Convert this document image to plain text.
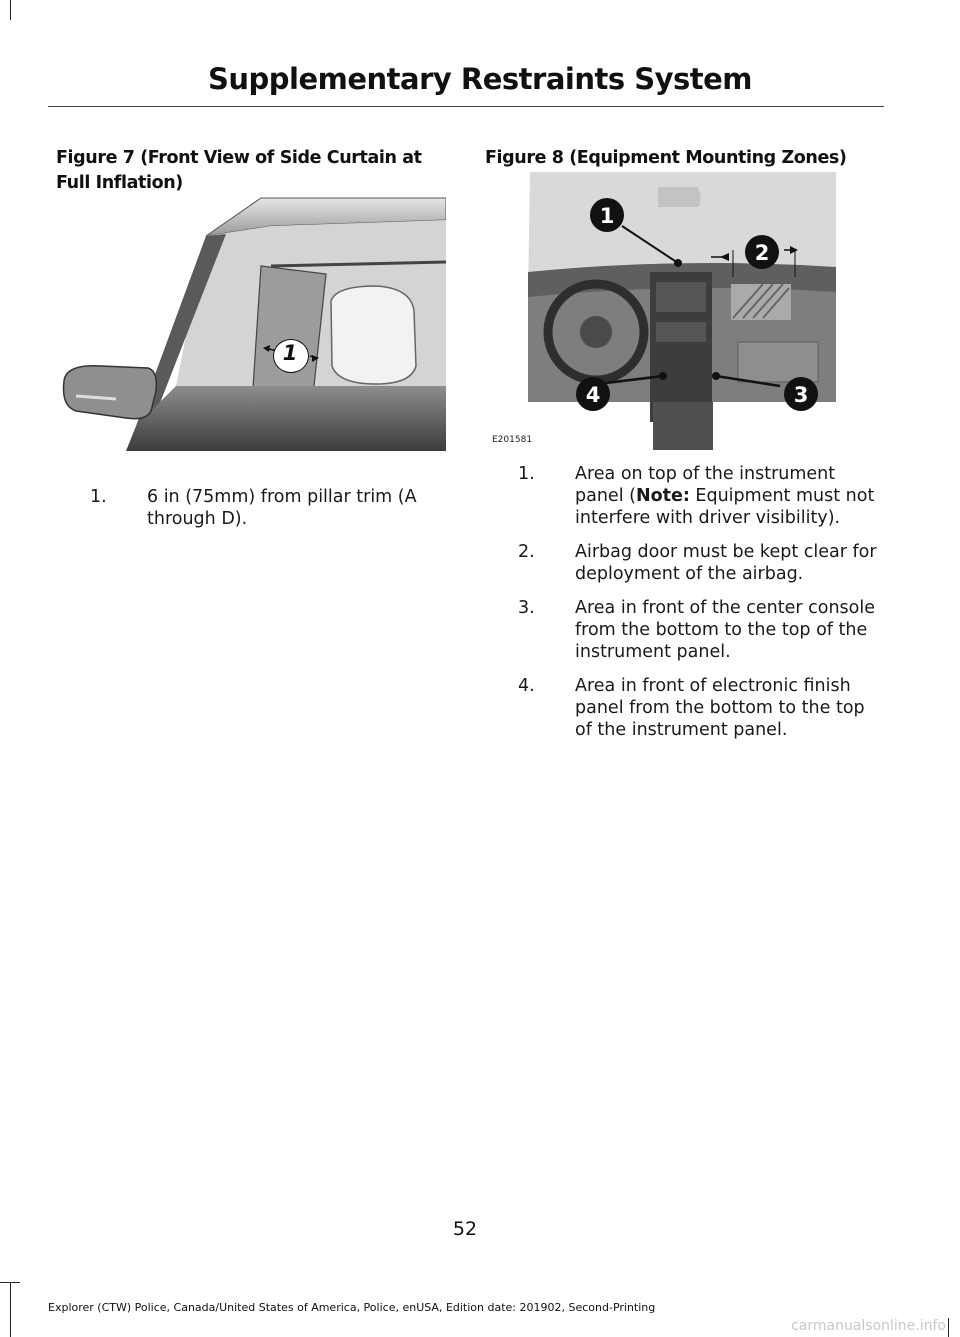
Supplementary Restraints System
Figure 7 (Front View of Side Curtain at Full Inflation)
1
1. 6 in (75mm) from pillar trim (A through D).
Figure 8 (Equipment Mounting Zones)
1
2
3
4
E201581
1. Area on top of the instrument panel (Note: Equipment must not interfere with driver visibility).
2. Airbag door must be kept clear for deployment of the airbag.
3. Area in front of the center console from the bottom to the top of the instrument panel.
4. Area in front of electronic finish panel from the bottom to the top of the instrument panel.
52
Explorer (CTW) Police, Canada/United States of America, Police, enUSA, Edition date: 201902, Second-Printing
carmanualsonline.info
